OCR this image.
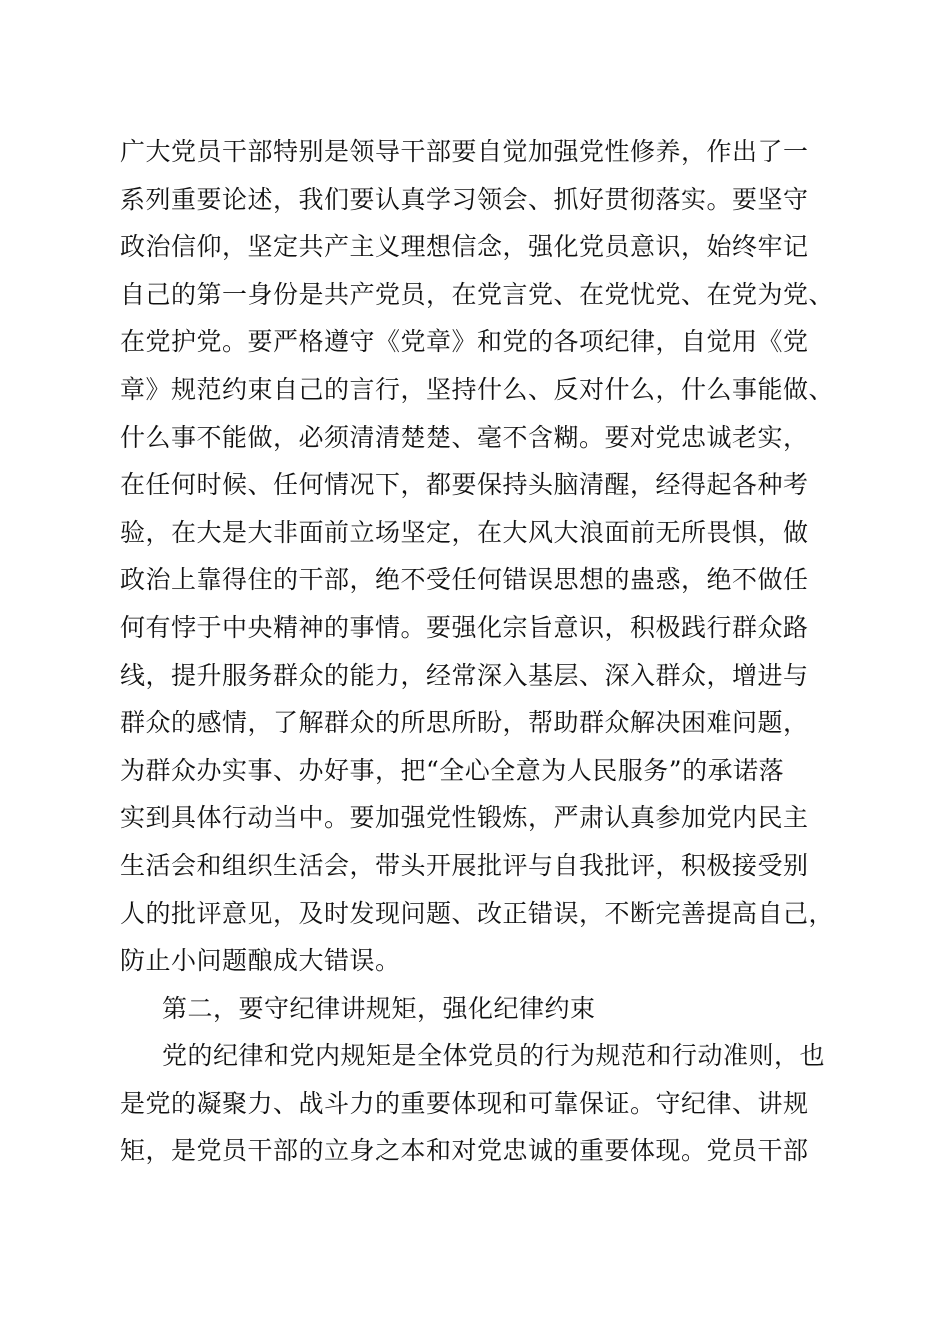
广大党员干部特别是领导干部要自觉加强党性修养，作出了一
系列重要论述，我们要认真学习领会、抓好贯彻落实。要坚守
政治信仰，坚定共产主义理想信念，强化党员意识，始终牢记
自己的第一身份是共产党员，在党言党、在党忧党、在党为党、
在党护党。要严格遵守《党章》和党的各项纪律，自觉用《党
章》规范约束自己的言行，坚持什么、反对什么，什么事能做、
什么事不能做，必须清清楚楚、毫不含糊。要对党忠诚老实，
在任何时候、任何情况下，都要保持头脑清醒，经得起各种考
验，在大是大非面前立场坚定，在大风大浪面前无所畏惧，做
政治上靠得住的干部，绝不受任何错误思想的蛊惑，绝不做任
何有悖于中央精神的事情。要强化宗旨意识，积极践行群众路
线，提升服务群众的能力，经常深入基层、深入群众，增进与
群众的感情，了解群众的所思所盼，帮助群众解决困难问题，
为群众办实事、办好事，把“全心全意为人民服务”的承诺落
实到具体行动当中。要加强党性锻炼，严肃认真参加党内民主
生活会和组织生活会，带头开展批评与自我批评，积极接受别
人的批评意见，及时发现问题、改正错误，不断完善提高自己，
防止小问题酿成大错误。
第二，要守纪律讲规矩，强化纪律约束
党的纪律和党内规矩是全体党员的行为规范和行动准则，也
是党的凝聚力、战斗力的重要体现和可靠保证。守纪律、讲规
矩，是党员干部的立身之本和对党忠诚的重要体现。党员干部
